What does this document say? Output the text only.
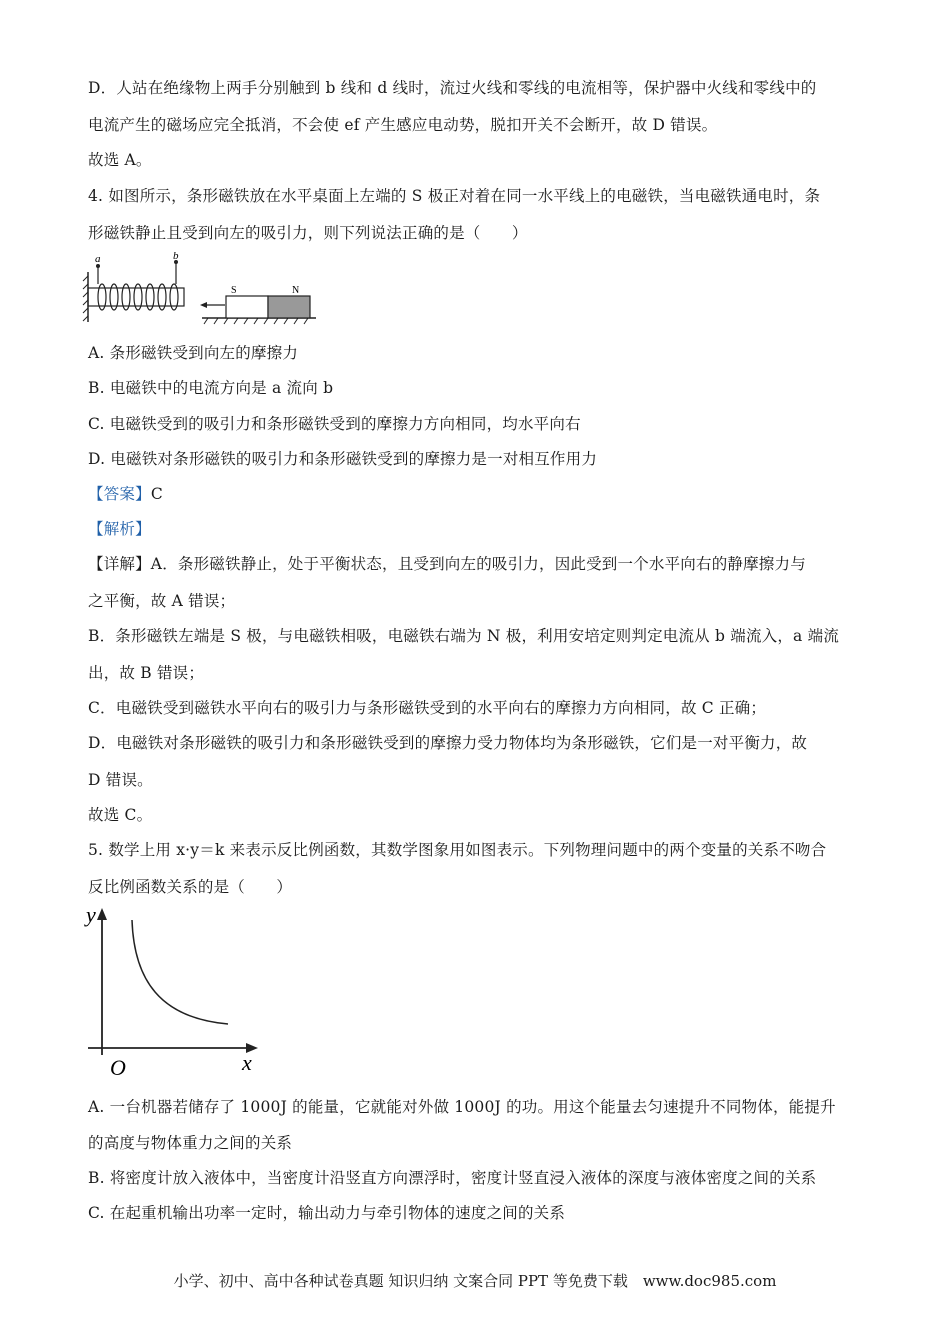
D．人站在绝缘物上两手分别触到 b 线和 d 线时，流过火线和零线的电流相等，保护器中火线和零线中的
电流产生的磁场应完全抵消，不会使 ef 产生感应电动势，脱扣开关不会断开，故 D 错误。
故选 A。
4. 如图所示，条形磁铁放在水平桌面上左端的 S 极正对着在同一水平线上的电磁铁，当电磁铁通电时，条
形磁铁静止且受到向左的吸引力，则下列说法正确的是（　　）
a	b
S	N
A. 条形磁铁受到向左的摩擦力
B. 电磁铁中的电流方向是 a 流向 b
C. 电磁铁受到的吸引力和条形磁铁受到的摩擦力方向相同，均水平向右
D. 电磁铁对条形磁铁的吸引力和条形磁铁受到的摩擦力是一对相互作用力
【答案】C
【解析】
【详解】A．条形磁铁静止，处于平衡状态，且受到向左的吸引力，因此受到一个水平向右的静摩擦力与
之平衡，故 A 错误；
B．条形磁铁左端是 S 极，与电磁铁相吸，电磁铁右端为 N 极，利用安培定则判定电流从 b 端流入，a 端流
出，故 B 错误；
C．电磁铁受到磁铁水平向右的吸引力与条形磁铁受到的水平向右的摩擦力方向相同，故 C 正确；
D．电磁铁对条形磁铁的吸引力和条形磁铁受到的摩擦力受力物体均为条形磁铁，它们是一对平衡力，故
D 错误。
故选 C。
5. 数学上用 x·y＝k 来表示反比例函数，其数学图象用如图表示。下列物理问题中的两个变量的关系不吻合
反比例函数关系的是（　　）
y
x
O
A. 一台机器若储存了 1000J 的能量，它就能对外做 1000J 的功。用这个能量去匀速提升不同物体，能提升
的高度与物体重力之间的关系
B. 将密度计放入液体中，当密度计沿竖直方向漂浮时，密度计竖直浸入液体的深度与液体密度之间的关系
C. 在起重机输出功率一定时，输出动力与牵引物体的速度之间的关系
小学、初中、高中各种试卷真题 知识归纳 文案合同 PPT 等免费下载　www.doc985.com
